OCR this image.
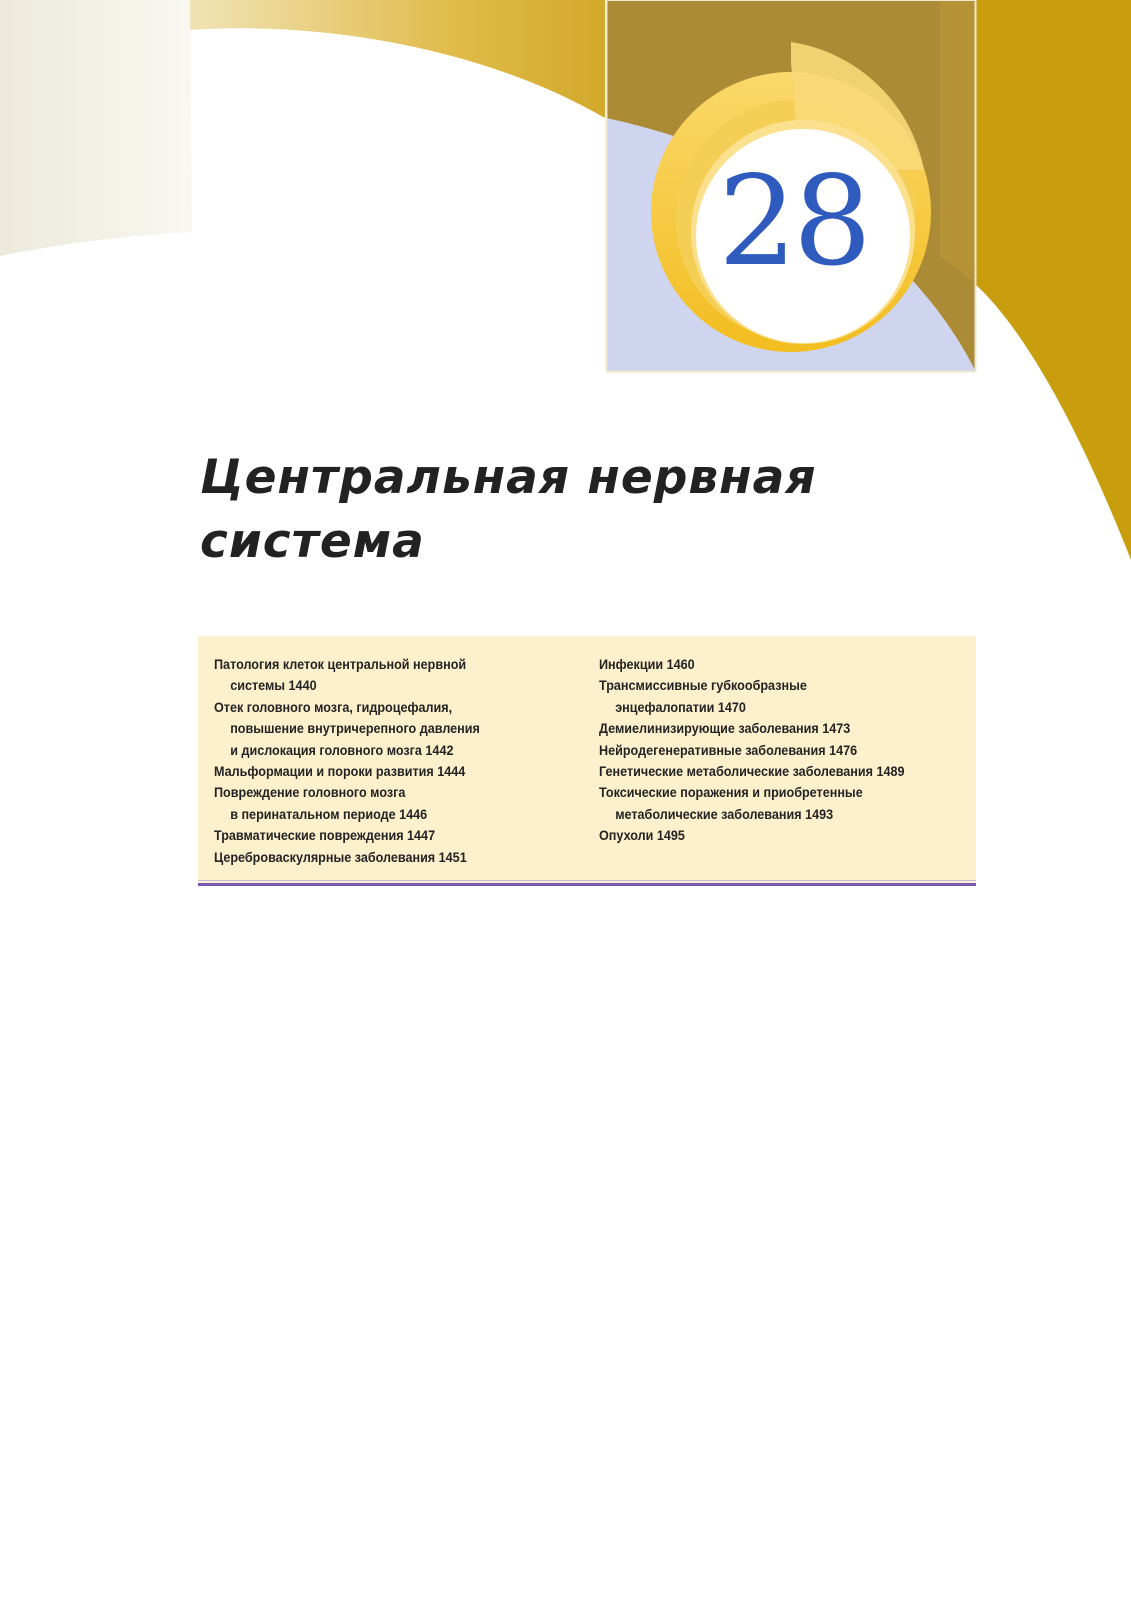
28
Центральная нервная
система
Патология клеток центральной нервной
системы 1440
Отек головного мозга, гидроцефалия,
повышение внутричерепного давления
и дислокация головного мозга 1442
Мальформации и пороки развития 1444
Повреждение головного мозга
в перинатальном периоде 1446
Травматические повреждения 1447
Цереброваскулярные заболевания 1451
Инфекции 1460
Трансмиссивные губкообразные
энцефалопатии 1470
Демиелинизирующие заболевания 1473
Нейродегенеративные заболевания 1476
Генетические метаболические заболевания 1489
Токсические поражения и приобретенные
метаболические заболевания 1493
Опухоли 1495
